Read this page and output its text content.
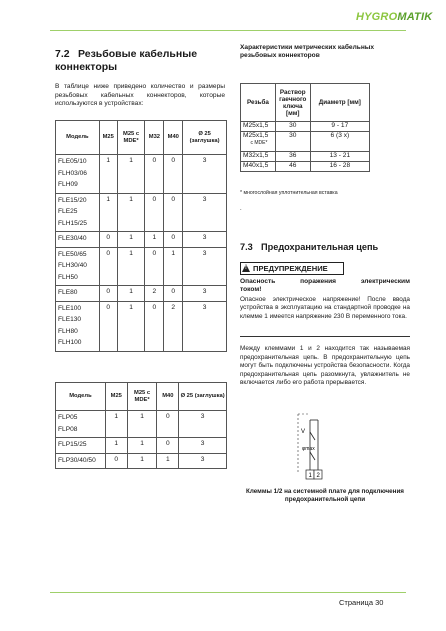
HYGROMATIK
7.2 Резьбовые кабельные коннекторы
В таблице ниже приведено количество и размеры резьбовых кабельных коннекторов, которые используются в устройствах:
Модель	M25	M25 с MDE*	M32	M40	Ø 25 (заглушка)

FLE05/10
FLH03/06
FLH09	1	1	0	0	3

FLE15/20
FLE25
FLH15/25	1	1	0	0	3

FLE30/40	0	1	1	0	3

FLE50/65
FLH30/40
FLH50	0	1	0	1	3

FLE80	0	1	2	0	3

FLE100
FLE130
FLH80
FLH100	0	1	0	2	3
Модель	M25	M25 с MDE*	M40	Ø 25 (заглушка)

FLP05
FLP08	1	1	0	3

FLP15/25	1	1	0	3

FLP30/40/50	0	1	1	3
Характеристики метрических кабельных резьбовых коннекторов
Резьба	Раствор гаечного ключа [мм]	Диаметр [мм]
M25x1,5	30	9 - 17
M25x1,5
с MDE*	30	6 (3 x)
M32x1,5	36	13 - 21
M40x1,5	46	16 - 28
* многослойная уплотнительная вставка
.
7.3 Предохранительная цепь
! ПРЕДУПРЕЖДЕНИЕ
Опасность поражения электрическим
током!
Опасное электрическое напряжение! После ввода устройства в эксплуатацию на стандартной проводке на клемме 1 имеется напряжение 230 В переменного тока.
Между клеммами 1 и 2 находится так называемая предохранительная цепь. В предохранительную цепь могут быть подключены устройства безопасности. Когда предохранительная цепь разомкнута, увлажнитель не включается либо его работа прерывается.
V
φmax
1 2
Клеммы 1/2 на системной плате для подключения предохранительной цепи
Страница 30
